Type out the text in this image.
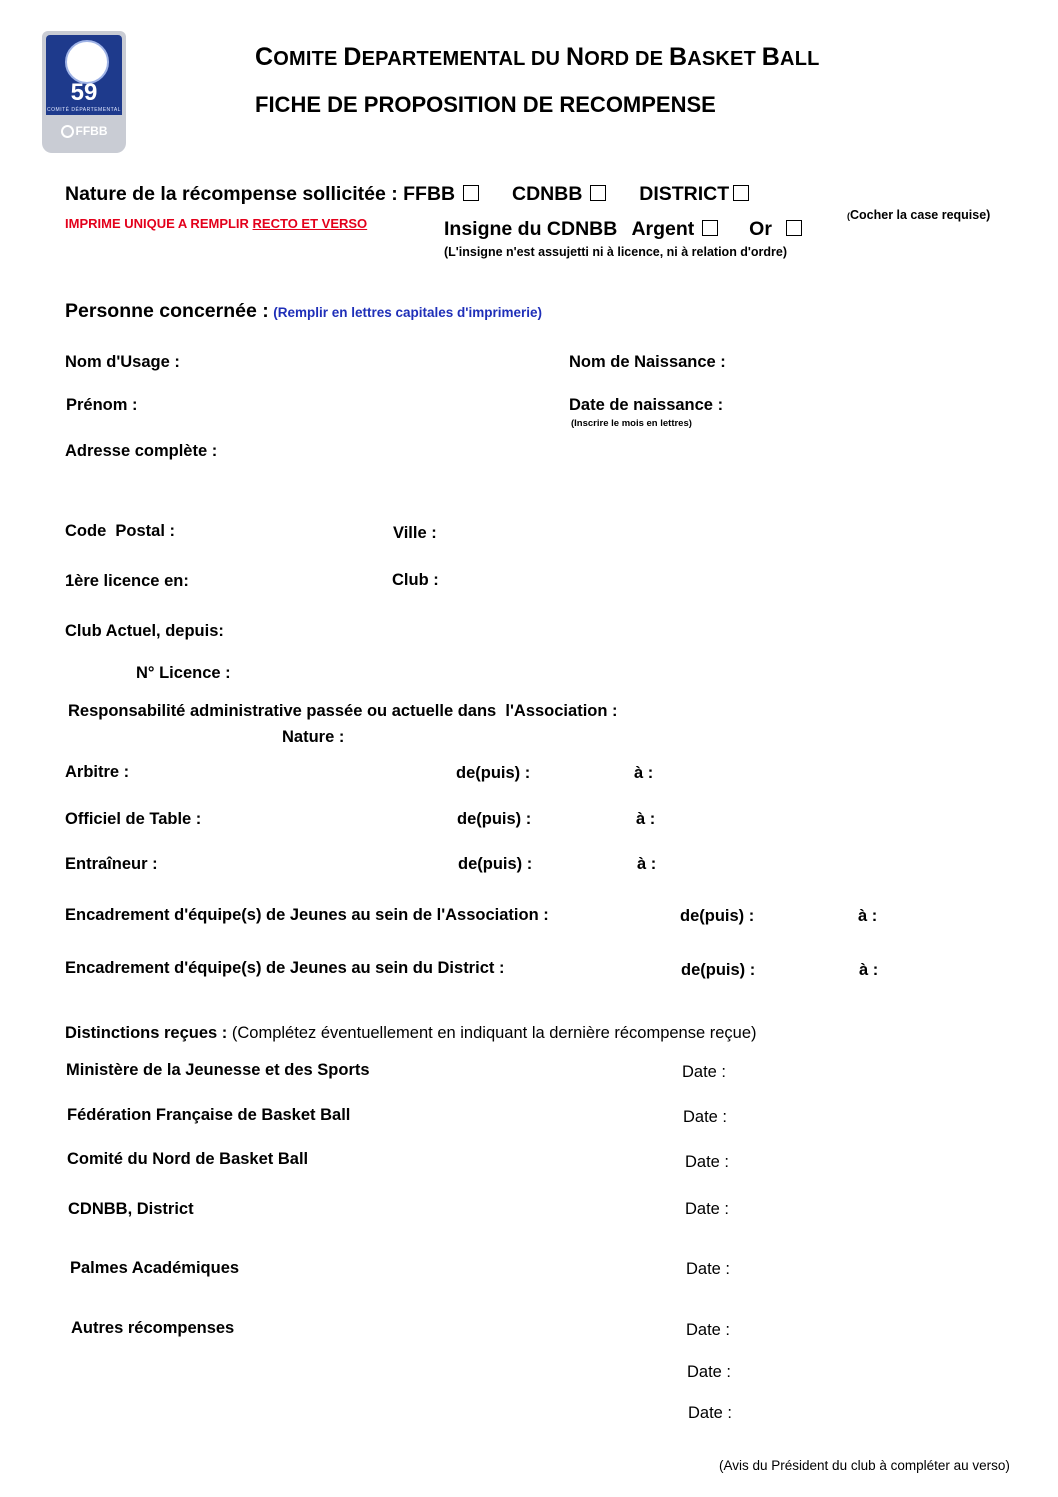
59
COMITÉ DÉPARTEMENTAL
FFBB
COMITE DEPARTEMENTAL DU NORD DE BASKET BALL
FICHE DE PROPOSITION DE RECOMPENSE
Nature de la récompense sollicitée : FFBB	CDNBB	DISTRICT
IMPRIME UNIQUE A REMPLIR RECTO ET VERSO	Insigne du CDNBB Argent	Or
(Cocher la case requise)
(L'insigne n'est assujetti ni à licence, ni à relation d'ordre)
Personne concernée : (Remplir en lettres capitales d'imprimerie)
Nom d'Usage :	Nom de Naissance :
Prénom :	Date de naissance :
(Inscrire le mois en lettres)
Adresse complète :
Code  Postal :	Ville :
1ère licence en:	Club :
Club Actuel, depuis:
N° Licence :
Responsabilité administrative passée ou actuelle dans  l'Association :
Nature :
Arbitre :	de(puis) :	à :
Officiel de Table :	de(puis) :	à :
Entraîneur :	de(puis) :	à :
Encadrement d'équipe(s) de Jeunes au sein de l'Association :	de(puis) :	à :
Encadrement d'équipe(s) de Jeunes au sein du District :	de(puis) :	à :
Distinctions reçues : (Complétez éventuellement en indiquant la dernière récompense reçue)
Ministère de la Jeunesse et des Sports	Date :
Fédération Française de Basket Ball	Date :
Comité du Nord de Basket Ball	Date :
CDNBB, District	Date :
Palmes Académiques	Date :
Autres récompenses	Date :
Date :
Date :
(Avis du Président du club à compléter au verso)
